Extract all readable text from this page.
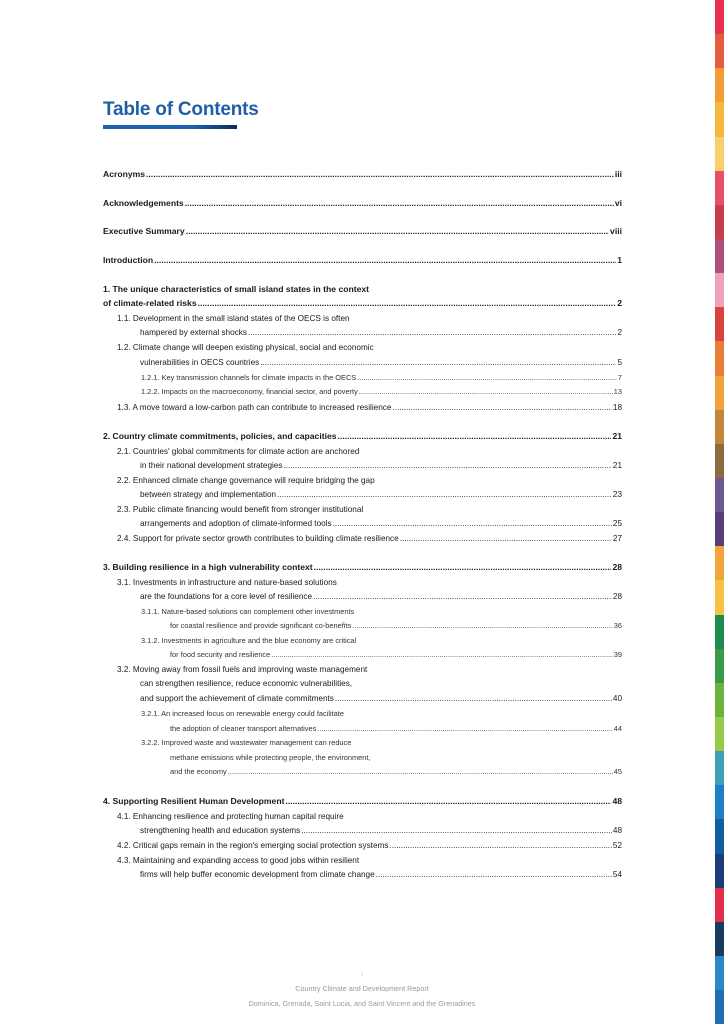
Table of Contents
Acronyms .....	iii
Acknowledgements .....	vi
Executive Summary .....	viii
Introduction .....	1
1. The unique characteristics of small island states in the context
of climate-related risks .....	2
1.1. Development in the small island states of the OECS is often
hampered by external shocks .....	2
1.2. Climate change will deepen existing physical, social and economic
vulnerabilities in OECS countries .....	5
1.2.1. Key transmission channels for climate impacts in the OECS .....	7
1.2.2. Impacts on the macroeconomy, financial sector, and poverty .....	13
1.3. A move toward a low-carbon path can contribute to increased resilience .....	18
2. Country climate commitments, policies, and capacities .....	21
2.1. Countries' global commitments for climate action are anchored
in their national development strategies .....	21
2.2. Enhanced climate change governance will require bridging the gap
between strategy and implementation .....	23
2.3. Public climate financing would benefit from stronger institutional
arrangements and adoption of climate-informed tools .....	25
2.4. Support for private sector growth contributes to building climate resilience .....	27
3. Building resilience in a high vulnerability context .....	28
3.1. Investments in infrastructure and nature-based solutions
are the foundations for a core level of resilience .....	28
3.1.1. Nature-based solutions can complement other investments
for coastal resilience and provide significant co-benefits .....	36
3.1.2. Investments in agriculture and the blue economy are critical
for food security and resilience .....	39
3.2. Moving away from fossil fuels and improving waste management
can strengthen resilience, reduce economic vulnerabilities,
and support the achievement of climate commitments .....	40
3.2.1. An increased focus on renewable energy could facilitate
the adoption of cleaner transport alternatives .....	44
3.2.2. Improved waste and wastewater management can reduce
methane emissions while protecting people, the environment,
and the economy .....	45
4. Supporting Resilient Human Development .....	48
4.1. Enhancing resilience and protecting human capital require
strengthening health and education systems .....	48
4.2. Critical gaps remain in the region's emerging social protection systems .....	52
4.3. Maintaining and expanding access to good jobs within resilient
firms will help buffer economic development from climate change .....	54
i
Country Climate and Development Report
Dominica, Grenada, Saint Lucia, and Saint Vincent and the Grenadines
